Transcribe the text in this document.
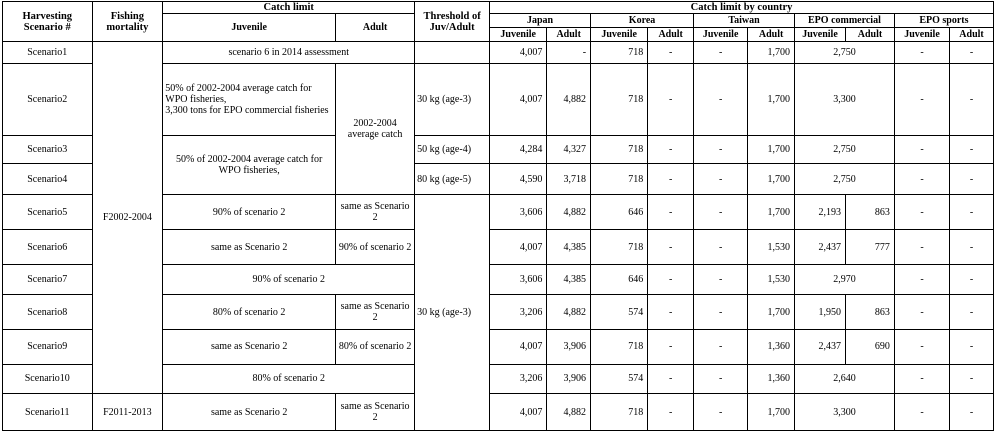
Harvesting Scenario #	Fishing mortality	Catch limit		Threshold of Juv/Adult	Catch limit by country									
		Juvenile	Adult		Japan		Korea		Taiwan		EPO commercial		EPO sports	
					Juvenile	Adult	Juvenile	Adult	Juvenile	Adult	Juvenile	Adult	Juvenile	Adult
Scenario1	F2002-2004	scenario 6 in 2014 assessment			4,007	-	718	-	-	1,700	2,750		-	-
Scenario2		50% of 2002-2004 average catch for WPO fisheries,
3,300 tons for EPO commercial fisheries	2002-2004 average catch	30 kg (age-3)	4,007	4,882	718	-	-	1,700	3,300		-	-
Scenario3		50% of 2002-2004 average catch for WPO fisheries,		50 kg (age-4)	4,284	4,327	718	-	-	1,700	2,750		-	-
Scenario4				80 kg (age-5)	4,590	3,718	718	-	-	1,700	2,750		-	-
Scenario5		90% of scenario 2	same as Scenario 2	30 kg (age-3)	3,606	4,882	646	-	-	1,700	2,193	863	-	-
Scenario6		same as Scenario 2	90% of scenario 2		4,007	4,385	718	-	-	1,530	2,437	777	-	-
Scenario7		90% of scenario 2			3,606	4,385	646	-	-	1,530	2,970		-	-
Scenario8		80% of scenario 2	same as Scenario 2		3,206	4,882	574	-	-	1,700	1,950	863	-	-
Scenario9		same as Scenario 2	80% of scenario 2		4,007	3,906	718	-	-	1,360	2,437	690	-	-
Scenario10		80% of scenario 2			3,206	3,906	574	-	-	1,360	2,640		-	-
Scenario11	F2011-2013	same as Scenario 2	same as Scenario 2		4,007	4,882	718	-	-	1,700	3,300		-	-
